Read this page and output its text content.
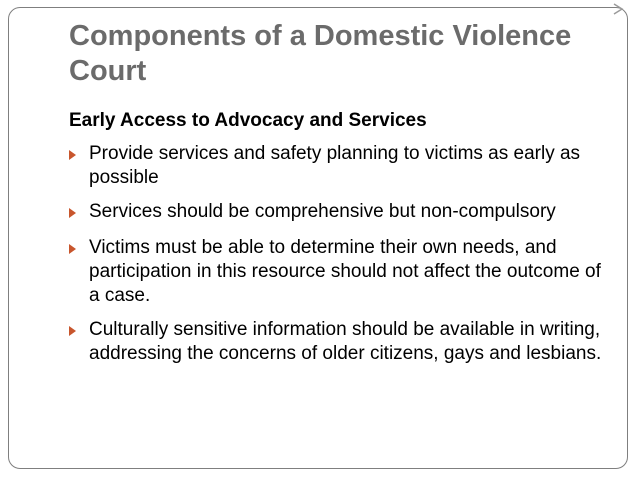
Components of a Domestic Violence Court
Early Access to Advocacy and Services
Provide services and safety planning to victims as early as possible
Services should be comprehensive but non-compulsory
Victims must be able to determine their own needs, and participation in this resource should not affect the outcome of a case.
Culturally sensitive information should be available in writing, addressing the concerns of older citizens, gays and lesbians.
